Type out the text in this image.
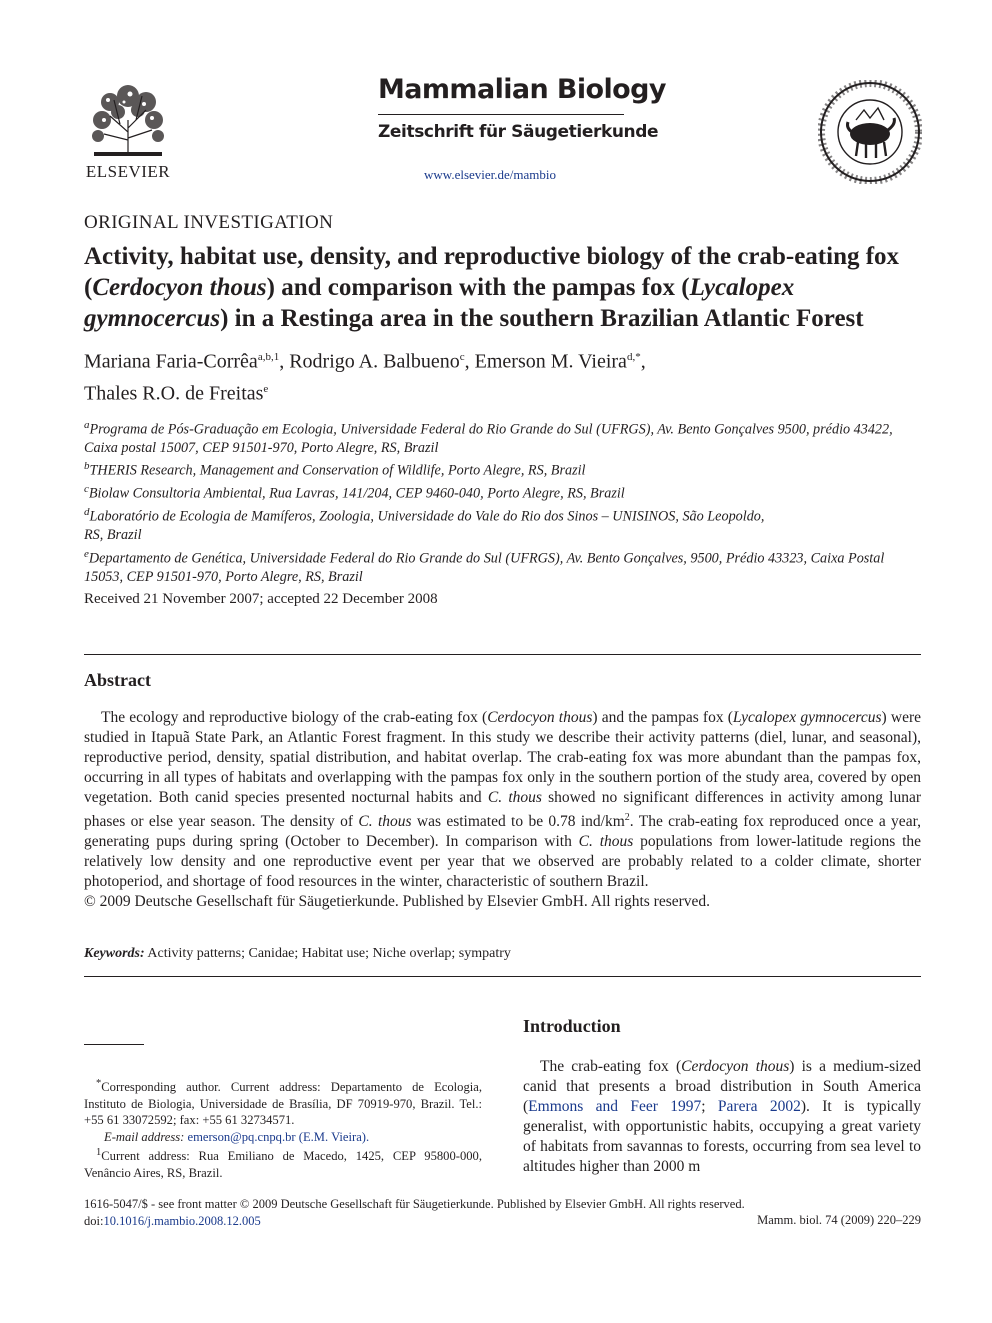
ELSEVIER
Mammalian Biology
Zeitschrift für Säugetierkunde
www.elsevier.de/mambio
ORIGINAL INVESTIGATION
Activity, habitat use, density, and reproductive biology of the crab-eating fox (Cerdocyon thous) and comparison with the pampas fox (Lycalopex gymnocercus) in a Restinga area in the southern Brazilian Atlantic Forest
Mariana Faria-Corrêa$^{a,b,1}$, Rodrigo A. Balbueno$^c$, Emerson M. Vieira$^{d,*}$,
Thales R.O. de Freitas$^e$
$^a$Programa de Pós-Graduação em Ecologia, Universidade Federal do Rio Grande do Sul (UFRGS), Av. Bento Gonçalves 9500, prédio 43422, Caixa postal 15007, CEP 91501-970, Porto Alegre, RS, Brazil
$^b$THERIS Research, Management and Conservation of Wildlife, Porto Alegre, RS, Brazil
$^c$Biolaw Consultoria Ambiental, Rua Lavras, 141/204, CEP 9460-040, Porto Alegre, RS, Brazil
$^d$Laboratório de Ecologia de Mamíferos, Zoologia, Universidade do Vale do Rio dos Sinos – UNISINOS, São Leopoldo, RS, Brazil
$^e$Departamento de Genética, Universidade Federal do Rio Grande do Sul (UFRGS), Av. Bento Gonçalves, 9500, Prédio 43323, Caixa Postal 15053, CEP 91501-970, Porto Alegre, RS, Brazil
Received 21 November 2007; accepted 22 December 2008
Abstract

The ecology and reproductive biology of the crab-eating fox (Cerdocyon thous) and the pampas fox (Lycalopex gymnocercus) were studied in Itapuã State Park, an Atlantic Forest fragment. In this study we describe their activity patterns (diel, lunar, and seasonal), reproductive period, density, spatial distribution, and habitat overlap. The crab-eating fox was more abundant than the pampas fox, occurring in all types of habitats and overlapping with the pampas fox only in the southern portion of the study area, covered by open vegetation. Both canid species presented nocturnal habits and C. thous showed no significant differences in activity among lunar phases or else year season. The density of C. thous was estimated to be 0.78 ind/$km^2$. The crab-eating fox reproduced once a year, generating pups during spring (October to December). In comparison with C. thous populations from lower-latitude regions the relatively low density and one reproductive event per year that we observed are probably related to a colder climate, shorter photoperiod, and shortage of food resources in the winter, characteristic of southern Brazil.

© 2009 Deutsche Gesellschaft für Säugetierkunde. Published by Elsevier GmbH. All rights reserved.

Keywords: Activity patterns; Canidae; Habitat use; Niche overlap; sympatry
Introduction
The crab-eating fox (Cerdocyon thous) is a medium-sized canid that presents a broad distribution in South America (Emmons and Feer 1997; Parera 2002). It is typically generalist, with opportunistic habits, occupying a great variety of habitats from savannas to forests, occurring from sea level to altitudes higher than 2000 m

*Corresponding author. Current address: Departamento de Ecologia, Instituto de Biologia, Universidade de Brasília, DF 70919-970, Brazil. Tel.: +55 61 33072592; fax: +55 61 32734571.

E-mail address: emerson@pq.cnpq.br (E.M. Vieira).

$^1$Current address: Rua Emiliano de Macedo, 1425, CEP 95800-000, Venâncio Aires, RS, Brazil.

1616-5047/$ - see front matter © 2009 Deutsche Gesellschaft für Säugetierkunde. Published by Elsevier GmbH. All rights reserved.
doi:10.1016/j.mambio.2008.12.005	Mamm. biol. 74 (2009) 220–229
